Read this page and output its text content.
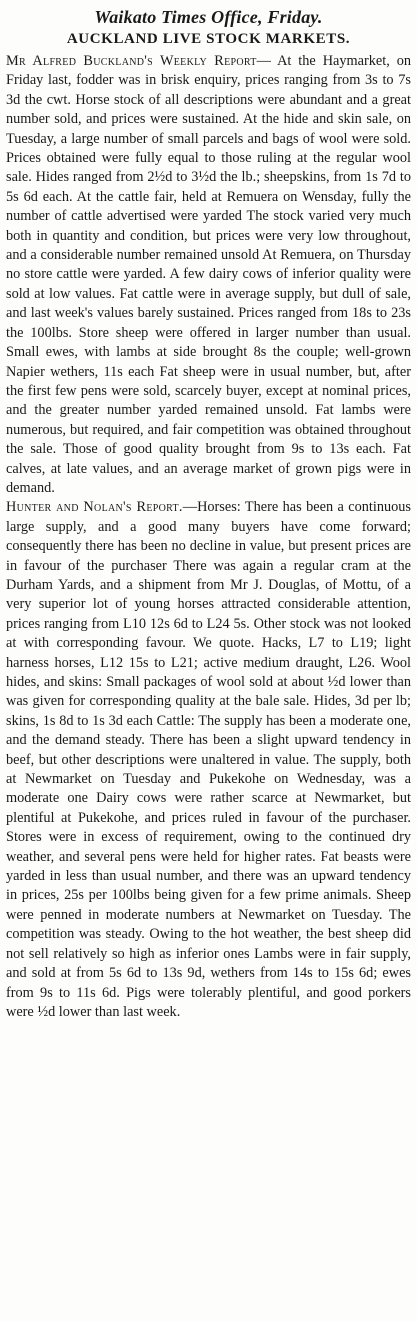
Waikato Times Office, Friday.
AUCKLAND LIVE STOCK MARKETS.

Mr Alfred Buckland's Weekly Report— At the Haymarket, on Friday last, fodder was in brisk enquiry, prices ranging from 3s to 7s 3d the cwt. Horse stock of all descriptions were abundant and a great number sold, and prices were sustained. At the hide and skin sale, on Tuesday, a large number of small parcels and bags of wool were sold. Prices obtained were fully equal to those ruling at the regular wool sale. Hides ranged from 2½d to 3½d the lb.; sheepskins, from 1s 7d to 5s 6d each. At the cattle fair, held at Remuera on Wensday, fully the number of cattle advertised were yarded The stock varied very much both in quantity and condition, but prices were very low throughout, and a considerable number remained unsold At Remuera, on Thursday no store cattle were yarded. A few dairy cows of inferior quality were sold at low values. Fat cattle were in average supply, but dull of sale, and last week's values barely sustained. Prices ranged from 18s to 23s the 100lbs. Store sheep were offered in larger number than usual. Small ewes, with lambs at side brought 8s the couple; well-grown Napier wethers, 11s each Fat sheep were in usual number, but, after the first few pens were sold, scarcely buyer, except at nominal prices, and the greater number yarded remained unsold. Fat lambs were numerous, but required, and fair competition was obtained throughout the sale. Those of good quality brought from 9s to 13s each. Fat calves, at late values, and an average market of grown pigs were in demand.

Hunter and Nolan's Report.—Horses: There has been a continuous large supply, and a good many buyers have come forward; consequently there has been no decline in value, but present prices are in favour of the purchaser There was again a regular cram at the Durham Yards, and a shipment from Mr J. Douglas, of Mottu, of a very superior lot of young horses attracted considerable attention, prices ranging from L10 12s 6d to L24 5s. Other stock was not looked at with corresponding favour. We quote. Hacks, L7 to L19; light harness horses, L12 15s to L21; active medium draught, L26. Wool hides, and skins: Small packages of wool sold at about ½d lower than was given for corresponding quality at the bale sale. Hides, 3d per lb; skins, 1s 8d to 1s 3d each Cattle: The supply has been a moderate one, and the demand steady. There has been a slight upward tendency in beef, but other descriptions were unaltered in value. The supply, both at Newmarket on Tuesday and Pukekohe on Wednesday, was a moderate one Dairy cows were rather scarce at Newmarket, but plentiful at Pukekohe, and prices ruled in favour of the purchaser. Stores were in excess of requirement, owing to the continued dry weather, and several pens were held for higher rates. Fat beasts were yarded in less than usual number, and there was an upward tendency in prices, 25s per 100lbs being given for a few prime animals. Sheep were penned in moderate numbers at Newmarket on Tuesday. The competition was steady. Owing to the hot weather, the best sheep did not sell relatively so high as inferior ones Lambs were in fair supply, and sold at from 5s 6d to 13s 9d, wethers from 14s to 15s 6d; ewes from 9s to 11s 6d. Pigs were tolerably plentiful, and good porkers were ½d lower than last week.
